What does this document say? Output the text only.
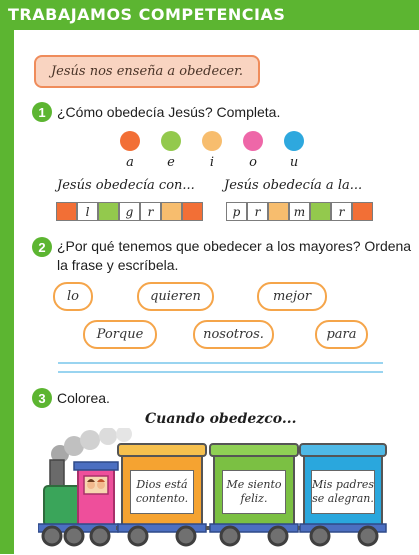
TRABAJAMOS COMPETENCIAS
Jesús nos enseña a obedecer.
1 ¿Cómo obedecía Jesús? Completa.
a	e	i	o	u
Jesús obedecía con... Jesús obedecía a la...
l	g	r	p	r	m	r
2 ¿Por qué tenemos que obedecer a los mayores? Ordena
la frase y escríbela.
lo	quieren	mejor
Porque	nosotros.	para
3 Colorea.
Cuando obedezco...
Dios está contento.
Me siento feliz.
Mis padres se alegran.
